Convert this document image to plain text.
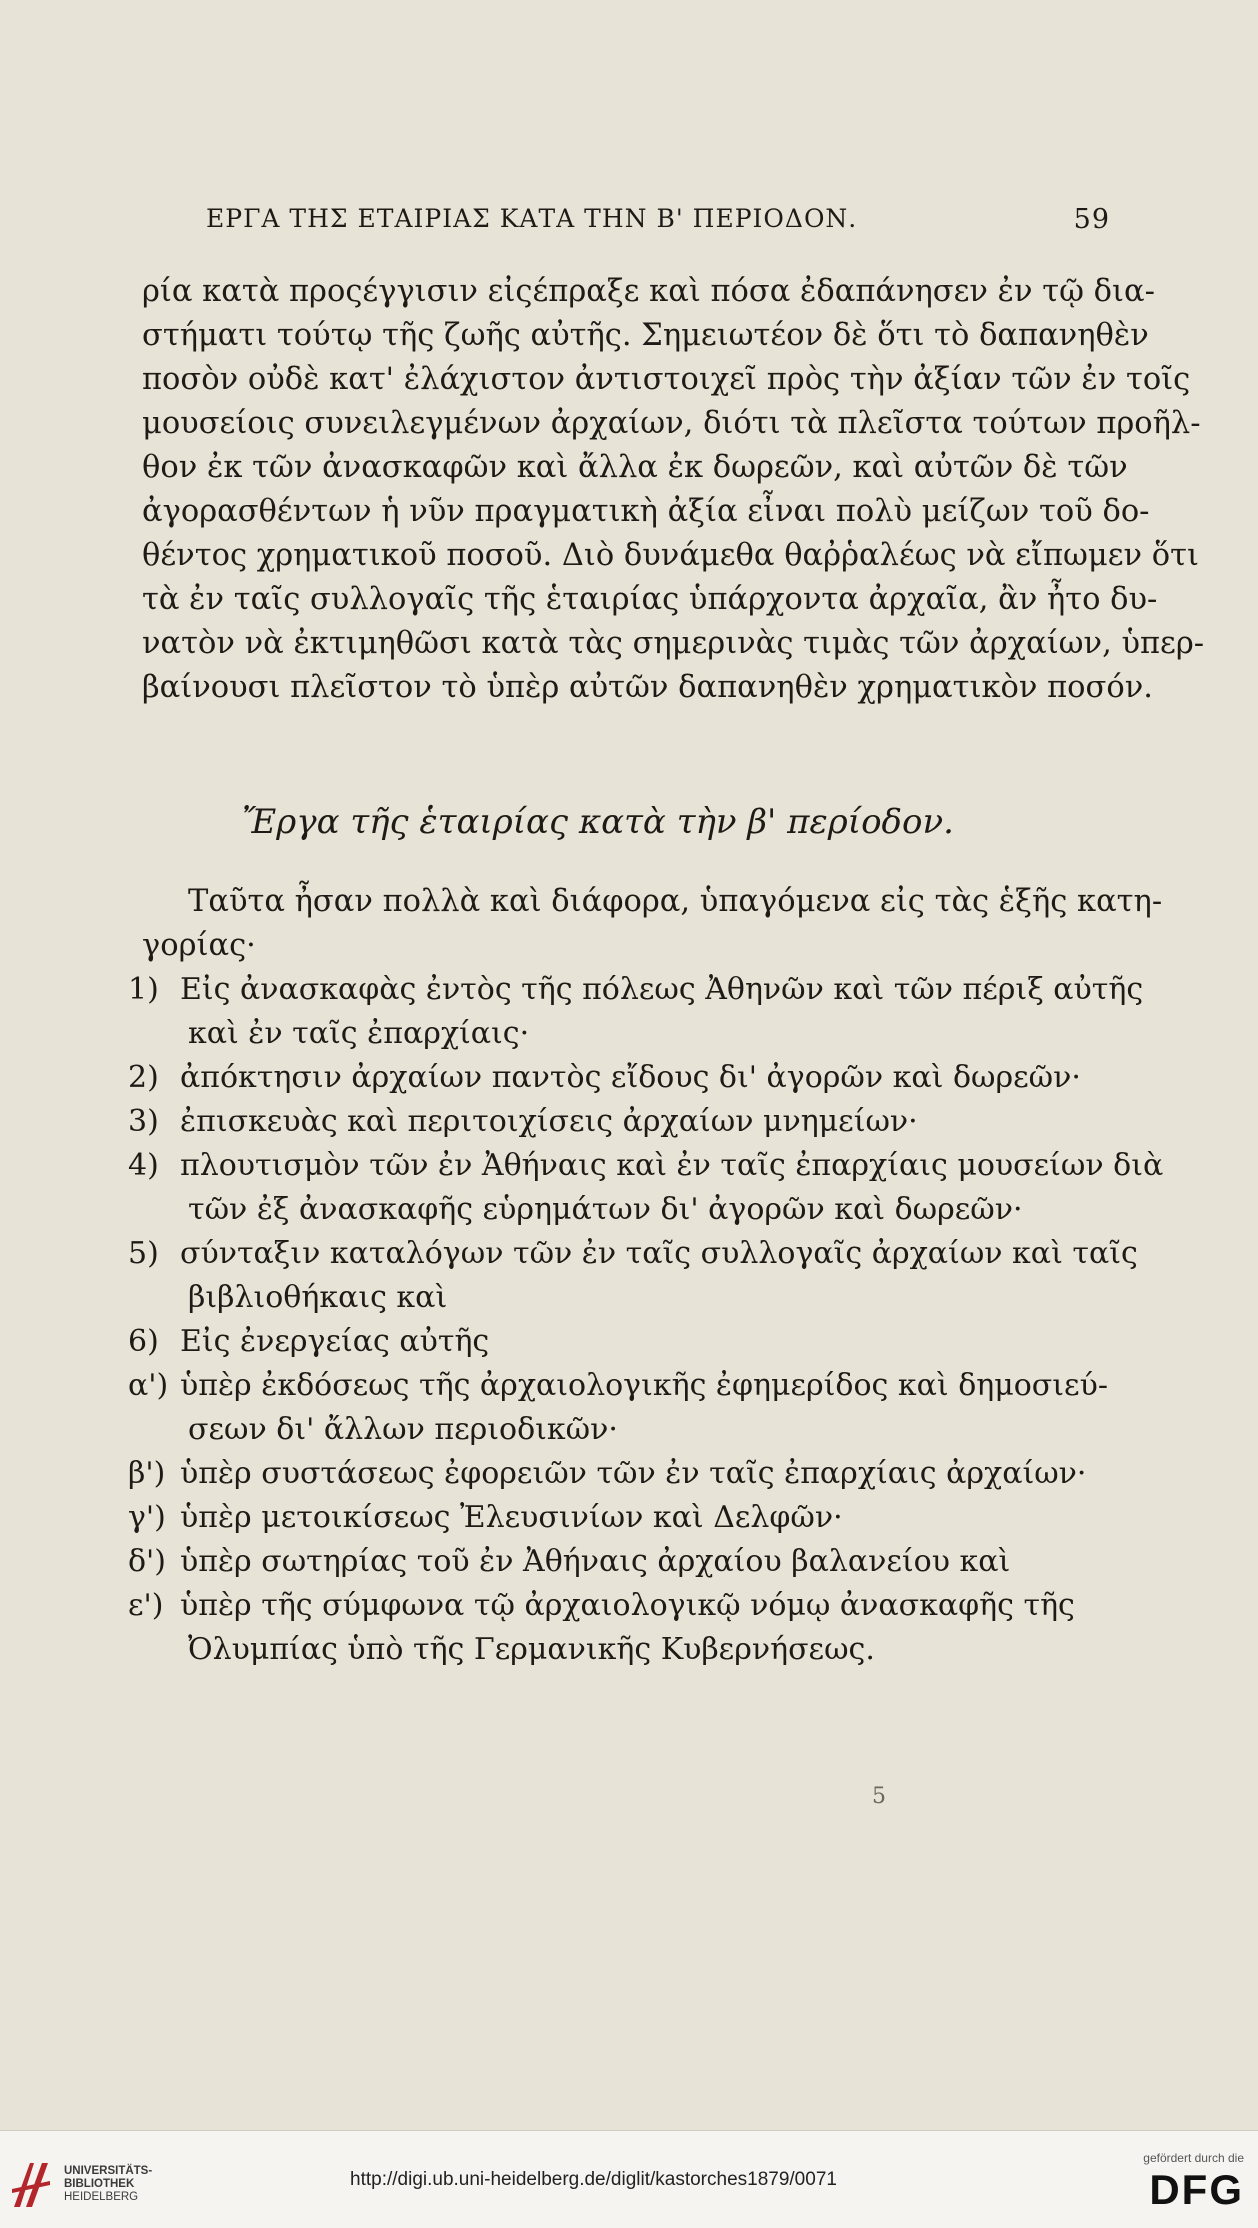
ΕΡΓΑ ΤΗΣ ΕΤΑΙΡΙΑΣ ΚΑΤΑ ΤΗΝ Β' ΠΕΡΙΟΔΟΝ.	59
ρία κατὰ προςέγγισιν εἰςέπραξε καὶ πόσα ἐδαπάνησεν ἐν τῷ δια-
στήματι τούτῳ τῆς ζωῆς αὐτῆς. Σημειωτέον δὲ ὅτι τὸ δαπανηθὲν
ποσὸν οὐδὲ κατ' ἐλάχιστον ἀντιστοιχεῖ πρὸς τὴν ἀξίαν τῶν ἐν τοῖς
μουσείοις συνειλεγμένων ἀρχαίων, διότι τὰ πλεῖστα τούτων προῆλ-
θον ἐκ τῶν ἀνασκαφῶν καὶ ἄλλα ἐκ δωρεῶν, καὶ αὐτῶν δὲ τῶν
ἀγορασθέντων ἡ νῦν πραγματικὴ ἀξία εἶναι πολὺ μείζων τοῦ δο-
θέντος χρηματικοῦ ποσοῦ. Διὸ δυνάμεθα θαῤῥαλέως νὰ εἴπωμεν ὅτι
τὰ ἐν ταῖς συλλογαῖς τῆς ἑταιρίας ὑπάρχοντα ἀρχαῖα, ἂν ἦτο δυ-
νατὸν νὰ ἐκτιμηθῶσι κατὰ τὰς σημερινὰς τιμὰς τῶν ἀρχαίων, ὑπερ-
βαίνουσι πλεῖστον τὸ ὑπὲρ αὐτῶν δαπανηθὲν χρηματικὸν ποσόν.
Ἔργα τῆς ἑταιρίας κατὰ τὴν β' περίοδον.
Ταῦτα ἦσαν πολλὰ καὶ διάφορα, ὑπαγόμενα εἰς τὰς ἑξῆς κατη-
γορίας·
1) Εἰς ἀνασκαφὰς ἐντὸς τῆς πόλεως Ἀθηνῶν καὶ τῶν πέριξ αὐτῆς
καὶ ἐν ταῖς ἐπαρχίαις·
2) ἀπόκτησιν ἀρχαίων παντὸς εἴδους δι' ἀγορῶν καὶ δωρεῶν·
3) ἐπισκευὰς καὶ περιτοιχίσεις ἀρχαίων μνημείων·
4) πλουτισμὸν τῶν ἐν Ἀθήναις καὶ ἐν ταῖς ἐπαρχίαις μουσείων διὰ
τῶν ἐξ ἀνασκαφῆς εὑρημάτων δι' ἀγορῶν καὶ δωρεῶν·
5) σύνταξιν καταλόγων τῶν ἐν ταῖς συλλογαῖς ἀρχαίων καὶ ταῖς
βιβλιοθήκαις καὶ
6) Εἰς ἐνεργείας αὐτῆς
α') ὑπὲρ ἐκδόσεως τῆς ἀρχαιολογικῆς ἐφημερίδος καὶ δημοσιεύ-
σεων δι' ἄλλων περιοδικῶν·
β') ὑπὲρ συστάσεως ἐφορειῶν τῶν ἐν ταῖς ἐπαρχίαις ἀρχαίων·
γ') ὑπὲρ μετοικίσεως Ἐλευσινίων καὶ Δελφῶν·
δ') ὑπὲρ σωτηρίας τοῦ ἐν Ἀθήναις ἀρχαίου βαλανείου καὶ
ε') ὑπὲρ τῆς σύμφωνα τῷ ἀρχαιολογικῷ νόμῳ ἀνασκαφῆς τῆς
Ὀλυμπίας ὑπὸ τῆς Γερμανικῆς Κυβερνήσεως.
5
UNIVERSITÄTS-
BIBLIOTHEK
HEIDELBERG
http://digi.ub.uni-heidelberg.de/diglit/kastorches1879/0071
gefördert durch die
DFG
